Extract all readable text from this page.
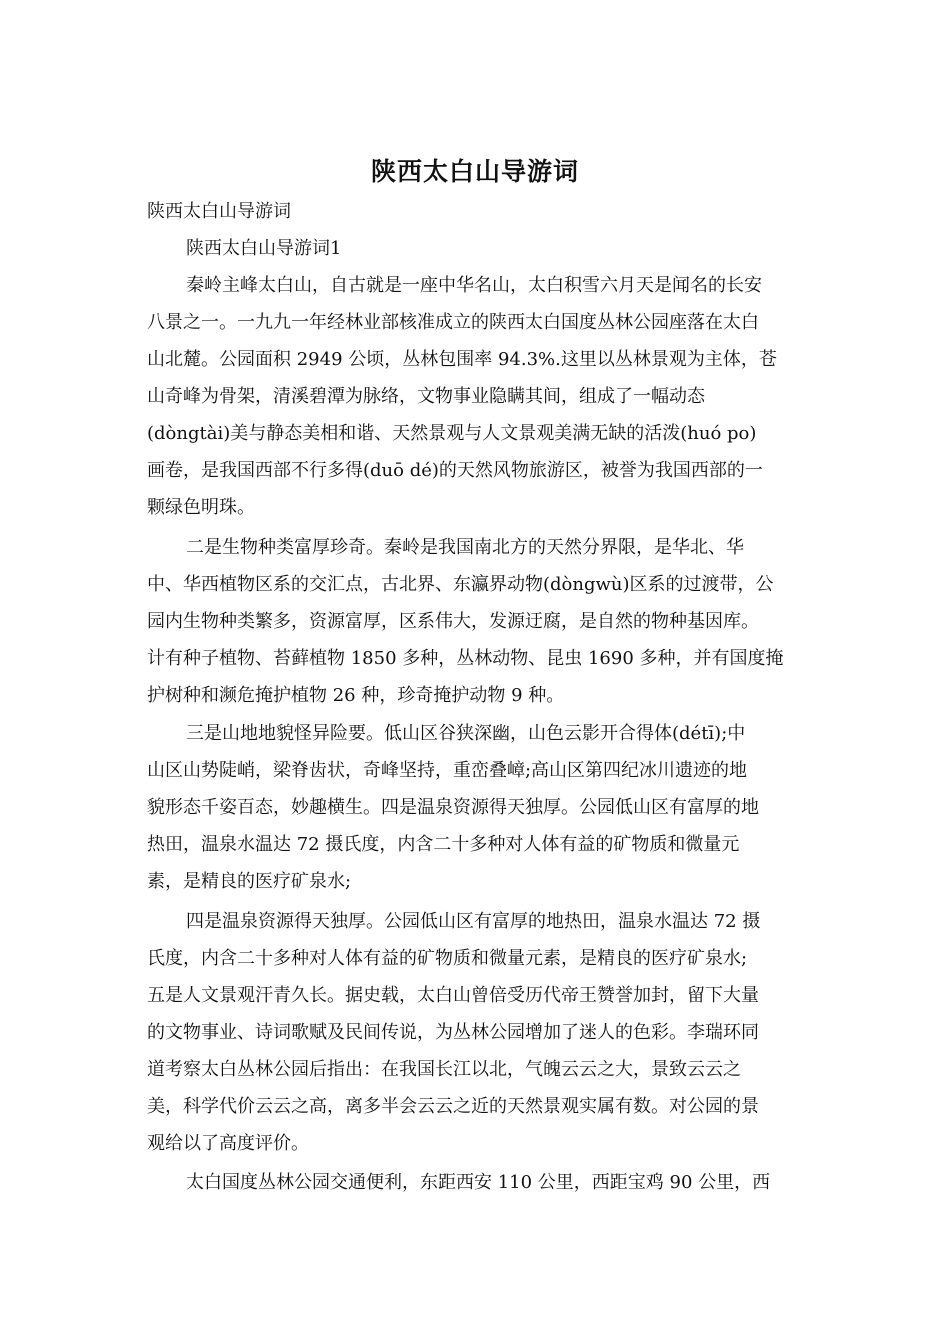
陕西太白山导游词
陕西太白山导游词
陕西太白山导游词1
秦岭主峰太白山，自古就是一座中华名山，太白积雪六月天是闻名的长安
八景之一。一九九一年经林业部核准成立的陕西太白国度丛林公园座落在太白
山北麓。公园面积 2949 公顷，丛林包围率 94.3%.这里以丛林景观为主体，苍
山奇峰为骨架，清溪碧潭为脉络，文物事业隐瞒其间，组成了一幅动态
(dòngtài)美与静态美相和谐、天然景观与人文景观美满无缺的活泼(huó po)
画卷，是我国西部不行多得(duō dé)的天然风物旅游区，被誉为我国西部的一
颗绿色明珠。
二是生物种类富厚珍奇。秦岭是我国南北方的天然分界限，是华北、华
中、华西植物区系的交汇点，古北界、东瀛界动物(dòngwù)区系的过渡带，公
园内生物种类繁多，资源富厚，区系伟大，发源迂腐，是自然的物种基因库。
计有种子植物、苔藓植物 1850 多种，丛林动物、昆虫 1690 多种，并有国度掩
护树种和濒危掩护植物 26 种，珍奇掩护动物 9 种。
三是山地地貌怪异险要。低山区谷狭深幽，山色云影开合得体(détī);中
山区山势陡峭，梁脊齿状，奇峰坚持，重峦叠嶂;高山区第四纪冰川遗迹的地
貌形态千姿百态，妙趣横生。四是温泉资源得天独厚。公园低山区有富厚的地
热田，温泉水温达 72 摄氏度，内含二十多种对人体有益的矿物质和微量元
素，是精良的医疗矿泉水;
四是温泉资源得天独厚。公园低山区有富厚的地热田，温泉水温达 72 摄
氏度，内含二十多种对人体有益的矿物质和微量元素，是精良的医疗矿泉水;
五是人文景观汗青久长。据史载，太白山曾倍受历代帝王赞誉加封，留下大量
的文物事业、诗词歌赋及民间传说，为丛林公园增加了迷人的色彩。李瑞环同
道考察太白丛林公园后指出：在我国长江以北，气魄云云之大，景致云云之
美，科学代价云云之高，离多半会云云之近的天然景观实属有数。对公园的景
观给以了高度评价。
太白国度丛林公园交通便利，东距西安 110 公里，西距宝鸡 90 公里，西
